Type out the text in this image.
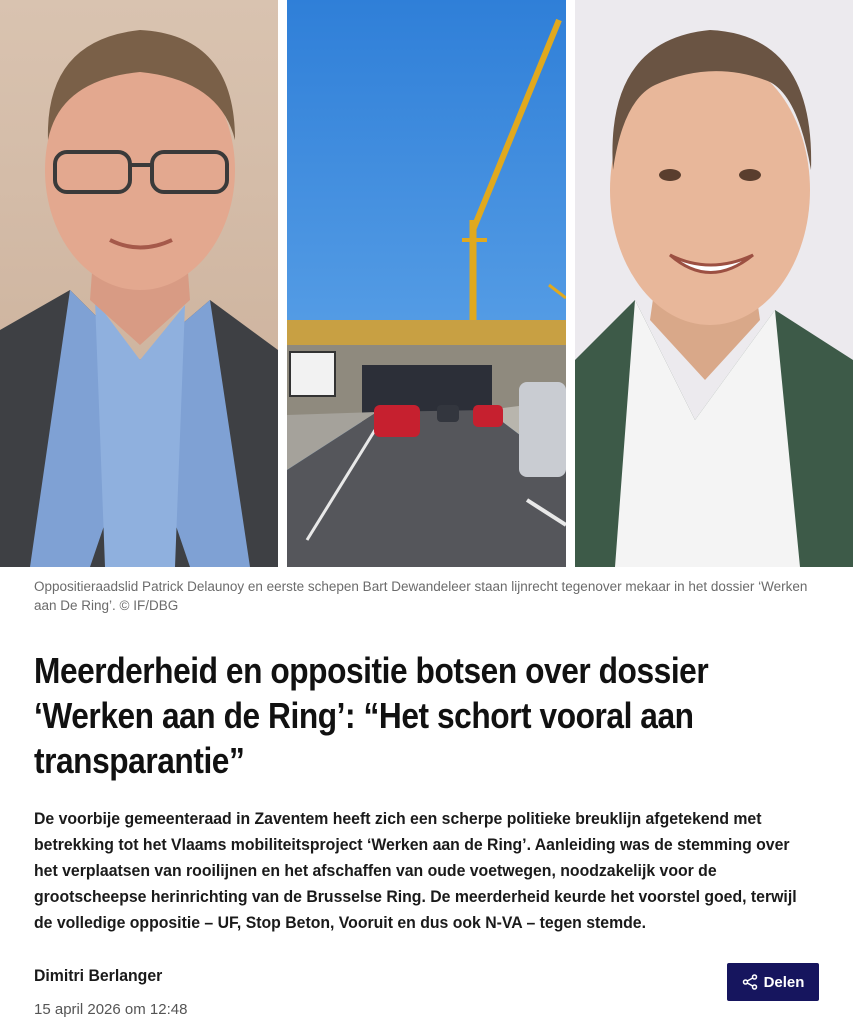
Oppositieraadslid Patrick Delaunoy en eerste schepen Bart Dewandeleer staan lijnrecht tegenover mekaar in het dossier ‘Werken aan De Ring’. © IF/DBG
Meerderheid en oppositie botsen over dossier ‘Werken aan de Ring’: “Het schort vooral aan transparantie”

De voorbije gemeenteraad in Zaventem heeft zich een scherpe politieke breuklijn afgetekend met betrekking tot het Vlaams mobiliteitsproject ‘Werken aan de Ring’. Aanleiding was de stemming over het verplaatsen van rooilijnen en het afschaffen van oude voetwegen, noodzakelijk voor de grootscheepse herinrichting van de Brusselse Ring. De meerderheid keurde het voorstel goed, terwijl de volledige oppositie – UF, Stop Beton, Vooruit en dus ook N-VA – tegen stemde.

Dimitri Berlanger
15 april 2026 om 12:48
Delen
